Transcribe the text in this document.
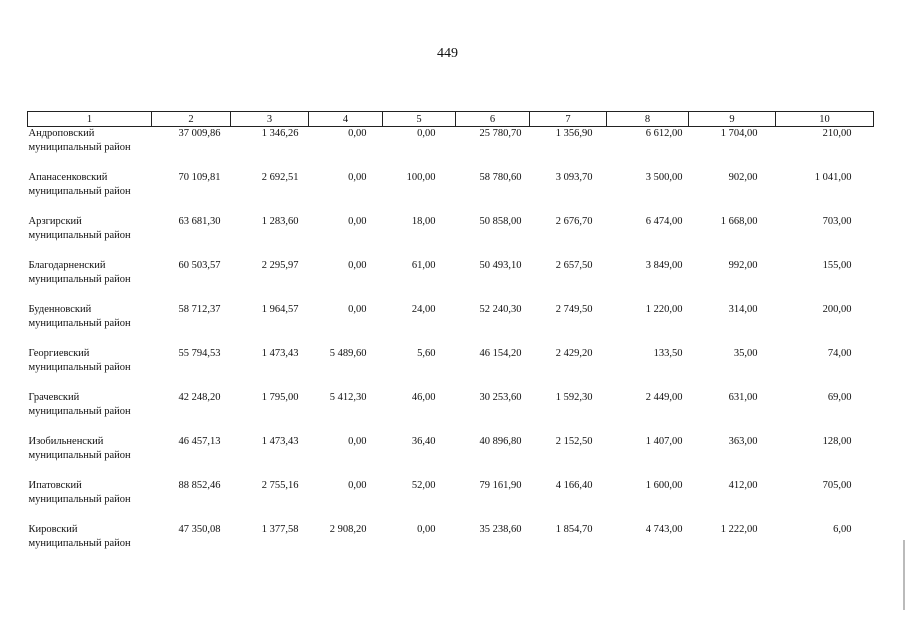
449
1	2	3	4	5	6	7	8	9	10

Андроповский
муниципальный район	37 009,86	1 346,26	0,00	0,00	25 780,70	1 356,90	6 612,00	1 704,00	210,00

Апанасенковский
муниципальный район	70 109,81	2 692,51	0,00	100,00	58 780,60	3 093,70	3 500,00	902,00	1 041,00

Арзгирский
муниципальный район	63 681,30	1 283,60	0,00	18,00	50 858,00	2 676,70	6 474,00	1 668,00	703,00

Благодарненский
муниципальный район	60 503,57	2 295,97	0,00	61,00	50 493,10	2 657,50	3 849,00	992,00	155,00

Буденновский
муниципальный район	58 712,37	1 964,57	0,00	24,00	52 240,30	2 749,50	1 220,00	314,00	200,00

Георгиевский
муниципальный район	55 794,53	1 473,43	5 489,60	5,60	46 154,20	2 429,20	133,50	35,00	74,00

Грачевский
муниципальный район	42 248,20	1 795,00	5 412,30	46,00	30 253,60	1 592,30	2 449,00	631,00	69,00

Изобильненский
муниципальный район	46 457,13	1 473,43	0,00	36,40	40 896,80	2 152,50	1 407,00	363,00	128,00

Ипатовский
муниципальный район	88 852,46	2 755,16	0,00	52,00	79 161,90	4 166,40	1 600,00	412,00	705,00

Кировский
муниципальный район	47 350,08	1 377,58	2 908,20	0,00	35 238,60	1 854,70	4 743,00	1 222,00	6,00
